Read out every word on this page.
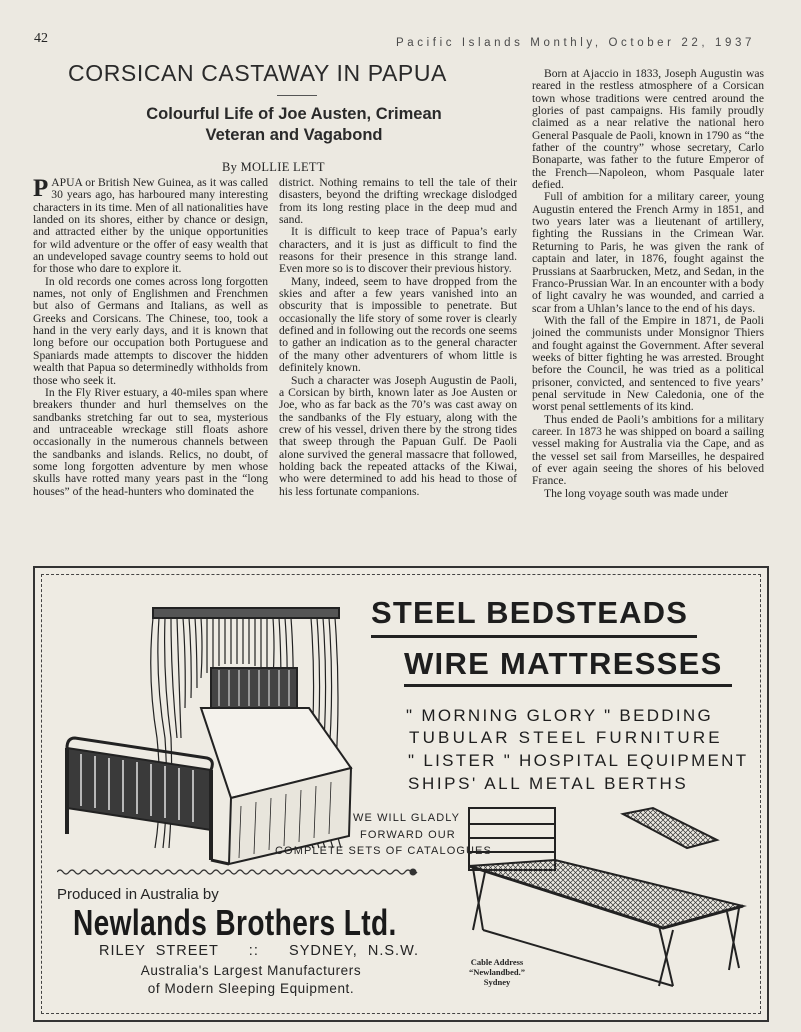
42	Pacific Islands Monthly, October 22, 1937
CORSICAN CASTAWAY IN PAPUA
Colourful Life of Joe Austen, Crimean
Veteran and Vagabond
By MOLLIE LETT

PAPUA or British New Guinea, as it was called 30 years ago, has harboured many interesting characters in its time. Men of all nationalities have landed on its shores, either by chance or design, and attracted either by the unique opportunities for wild adventure or the offer of easy wealth that an undeveloped savage country seems to hold out for those who dare to explore it.

In old records one comes across long forgotten names, not only of Englishmen and Frenchmen but also of Germans and Italians, as well as Greeks and Corsicans. The Chinese, too, took a hand in the very early days, and it is known that long before our occupation both Portuguese and Spaniards made attempts to discover the hidden wealth that Papua so determinedly withholds from those who seek it.

In the Fly River estuary, a 40-miles span where breakers thunder and hurl themselves on the sandbanks stretching far out to sea, mysterious and untraceable wreckage still floats ashore occasionally in the numerous channels between the sandbanks and islands. Relics, no doubt, of some long forgotten adventure by men whose skulls have rotted many years past in the “long houses” of the head-hunters who dominated the

district. Nothing remains to tell the tale of their disasters, beyond the drifting wreckage dislodged from its long resting place in the deep mud and sand.

It is difficult to keep trace of Papua’s early characters, and it is just as difficult to find the reasons for their presence in this strange land. Even more so is to discover their previous history.

Many, indeed, seem to have dropped from the skies and after a few years vanished into an obscurity that is impossible to penetrate. But occasionally the life story of some rover is clearly defined and in following out the records one seems to gather an indication as to the general character of the many other adventurers of whom little is definitely known.

Such a character was Joseph Augustin de Paoli, a Corsican by birth, known later as Joe Austen or Joe, who as far back as the 70’s was cast away on the sandbanks of the Fly estuary, along with the crew of his vessel, driven there by the strong tides that sweep through the Papuan Gulf. De Paoli alone survived the general massacre that followed, holding back the repeated attacks of the Kiwai, who were determined to add his head to those of his less fortunate companions.

Born at Ajaccio in 1833, Joseph Augustin was reared in the restless atmosphere of a Corsican town whose traditions were centred around the glories of past campaigns. His family proudly claimed as a near relative the national hero General Pasquale de Paoli, known in 1790 as “the father of the country” whose secretary, Carlo Bonaparte, was father to the future Emperor of the French—Napoleon, whom Pasquale later defied.

Full of ambition for a military career, young Augustin entered the French Army in 1851, and two years later was a lieutenant of artillery, fighting the Russians in the Crimean War. Returning to Paris, he was given the rank of captain and later, in 1876, fought against the Prussians at Saarbrucken, Metz, and Sedan, in the Franco-Prussian War. In an encounter with a body of light cavalry he was wounded, and carried a scar from a Uhlan’s lance to the end of his days.

With the fall of the Empire in 1871, de Paoli joined the communists under Monsignor Thiers and fought against the Government. After several weeks of bitter fighting he was arrested. Brought before the Council, he was tried as a political prisoner, convicted, and sentenced to five years’ penal servitude in New Caledonia, one of the worst penal settlements of its kind.

Thus ended de Paoli’s ambitions for a military career. In 1873 he was shipped on board a sailing vessel making for Australia via the Cape, and as the vessel set sail from Marseilles, he despaired of ever again seeing the shores of his beloved France.

The long voyage south was made under

STEEL BEDSTEADS
WIRE MATTRESSES
" MORNING GLORY " BEDDING
TUBULAR STEEL FURNITURE
" LISTER " HOSPITAL EQUIPMENT
SHIPS' ALL METAL BERTHS
WE WILL GLADLY
FORWARD OUR
COMPLETE SETS OF CATALOGUES
Produced in Australia by
Newlands Brothers Ltd.
RILEY  STREET      ::      SYDNEY,  N.S.W.
Australia's Largest Manufacturers
of Modern Sleeping Equipment.
Cable Address
“Newlandbed.”
Sydney
